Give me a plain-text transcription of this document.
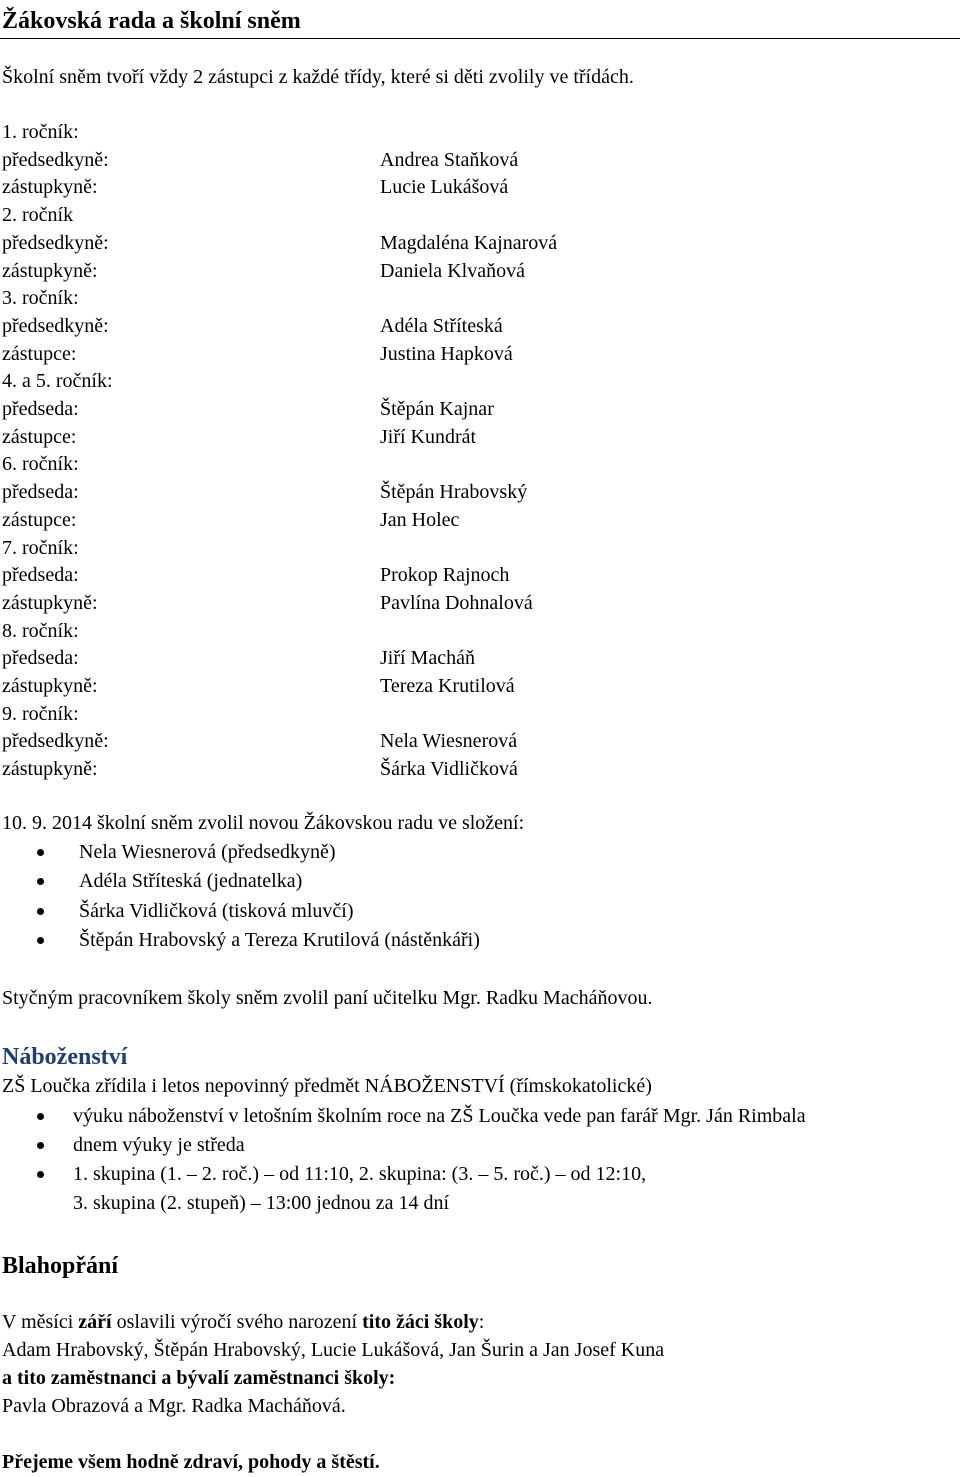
Žákovská rada a školní sněm
Školní sněm tvoří vždy 2 zástupci z každé třídy, které si děti zvolily ve třídách.
1. ročník:
předsedkyně:	Andrea Staňková
zástupkyně:	Lucie Lukášová
2. ročník
předsedkyně:	Magdaléna Kajnarová
zástupkyně:	Daniela Klvaňová
3. ročník:
předsedkyně:	Adéla Stříteská
zástupce:	Justina Hapková
4. a 5. ročník:
předseda:	Štěpán Kajnar
zástupce:	Jiří Kundrát
6. ročník:
předseda:	Štěpán Hrabovský
zástupce:	Jan Holec
7. ročník:
předseda:	Prokop Rajnoch
zástupkyně:	Pavlína Dohnalová
8. ročník:
předseda:	Jiří Macháň
zástupkyně:	Tereza Krutilová
9. ročník:
předsedkyně:	Nela Wiesnerová
zástupkyně:	Šárka Vidličková
10. 9. 2014 školní sněm zvolil novou Žákovskou radu ve složení:
Nela Wiesnerová (předsedkyně)
Adéla Stříteská (jednatelka)
Šárka Vidličková (tisková mluvčí)
Štěpán Hrabovský a Tereza Krutilová (nástěnkáři)
Styčným pracovníkem školy sněm zvolil paní učitelku Mgr. Radku Macháňovou.
Náboženství
ZŠ Loučka zřídila i letos nepovinný předmět NÁBOŽENSTVÍ (římskokatolické)
výuku náboženství v letošním školním roce na ZŠ Loučka vede pan farář Mgr. Ján Rimbala
dnem výuky je středa
1. skupina (1. – 2. roč.) – od 11:10, 2. skupina: (3. – 5. roč.) – od 12:10,
3. skupina (2. stupeň) – 13:00 jednou za 14 dní
Blahopřání
V měsíci září oslavili výročí svého narození tito žáci školy:
Adam Hrabovský, Štěpán Hrabovský, Lucie Lukášová, Jan Šurin a Jan Josef Kuna
a tito zaměstnanci a bývalí zaměstnanci školy:
Pavla Obrazová a Mgr. Radka Macháňová.
Přejeme všem hodně zdraví, pohody a štěstí.
